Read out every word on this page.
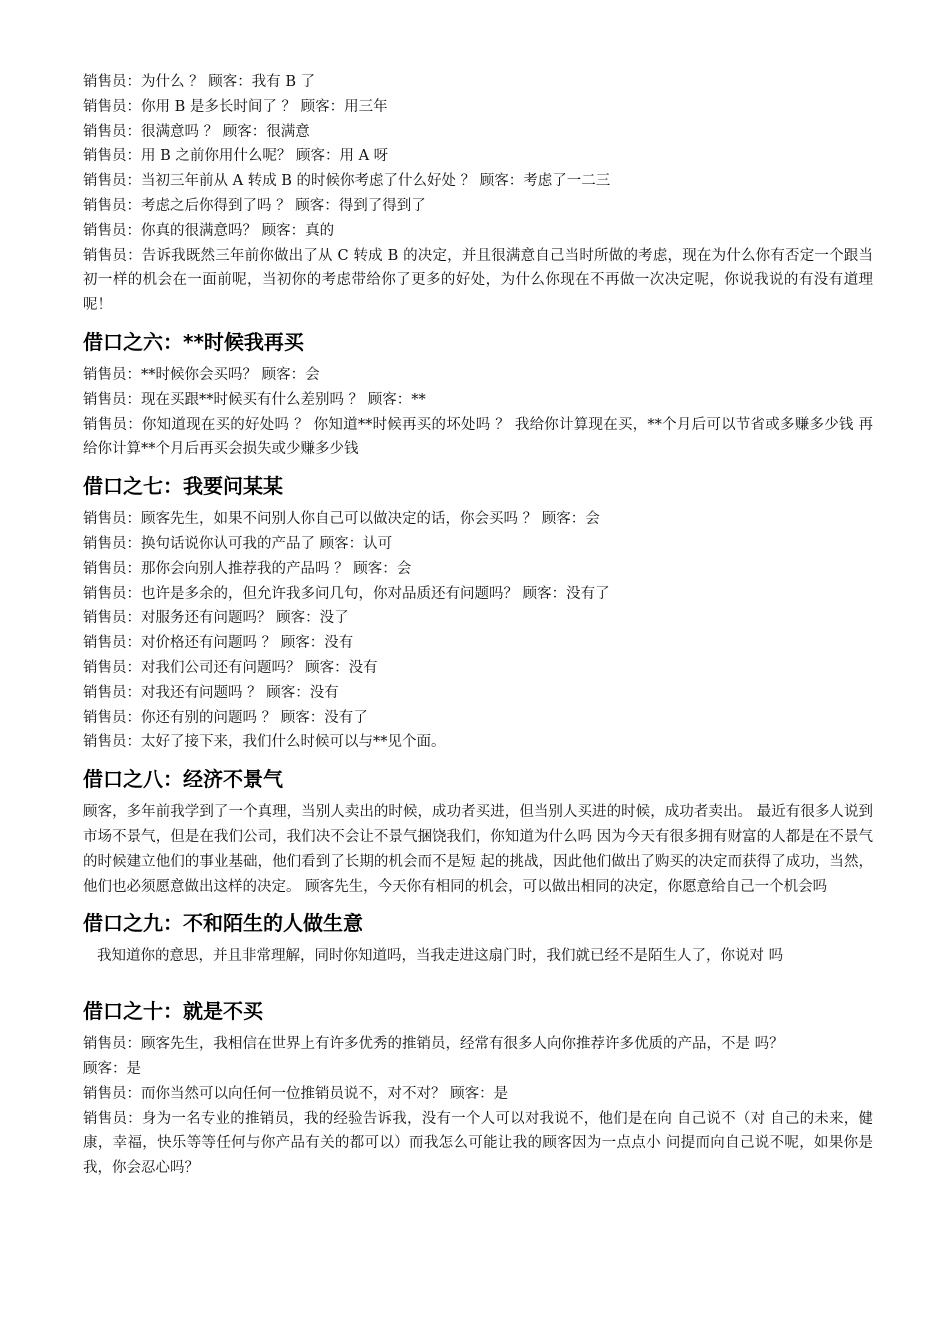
销售员：为什么 ？ 顾客：我有 B 了
销售员：你用 B 是多长时间了 ？ 顾客：用三年
销售员：很满意吗 ？ 顾客：很满意
销售员：用 B 之前你用什么呢？ 顾客：用 A 呀
销售员：当初三年前从 A 转成 B 的时候你考虑了什么好处 ？ 顾客：考虑了一二三
销售员：考虑之后你得到了吗 ？ 顾客：得到了得到了
销售员：你真的很满意吗？ 顾客：真的
销售员：告诉我既然三年前你做出了从 C 转成 B 的决定，并且很满意自己当时所做的考虑，现在为什么你有否定一个跟当初一样的机会在一面前呢，当初你的考虑带给你了更多的好处，为什么你现在不再做一次决定呢，你说我说的有没有道理呢！
借口之六：**时候我再买
销售员：**时候你会买吗？ 顾客：会
销售员：现在买跟**时候买有什么差别吗 ？ 顾客：**
销售员：你知道现在买的好处吗 ？ 你知道**时候再买的坏处吗 ？ 我给你计算现在买，**个月后可以节省或多赚多少钱 再给你计算**个月后再买会损失或少赚多少钱
借口之七：我要问某某
销售员：顾客先生，如果不问别人你自己可以做决定的话，你会买吗 ？ 顾客：会
销售员：换句话说你认可我的产品了 顾客：认可
销售员：那你会向别人推荐我的产品吗 ？ 顾客：会
销售员：也许是多余的，但允许我多问几句，你对品质还有问题吗？ 顾客：没有了
销售员：对服务还有问题吗？ 顾客：没了
销售员：对价格还有问题吗 ？ 顾客：没有
销售员：对我们公司还有问题吗？ 顾客：没有
销售员：对我还有问题吗 ？ 顾客：没有
销售员：你还有别的问题吗 ？ 顾客：没有了
销售员：太好了接下来，我们什么时候可以与**见个面。
借口之八：经济不景气
顾客，多年前我学到了一个真理，当别人卖出的时候，成功者买进，但当别人买进的时候，成功者卖出。 最近有很多人说到市场不景气，但是在我们公司，我们决不会让不景气捆饶我们，你知道为什么吗 因为今天有很多拥有财富的人都是在不景气的时候建立他们的事业基础，他们看到了长期的机会而不是短 起的挑战，因此他们做出了购买的决定而获得了成功，当然，他们也必须愿意做出这样的决定。 顾客先生，今天你有相同的机会，可以做出相同的决定，你愿意给自己一个机会吗
借口之九：不和陌生的人做生意
我知道你的意思，并且非常理解，同时你知道吗，当我走进这扇门时，我们就已经不是陌生人了，你说对 吗
借口之十：就是不买
销售员：顾客先生，我相信在世界上有许多优秀的推销员，经常有很多人向你推荐许多优质的产品，不是 吗？
顾客：是
销售员：而你当然可以向任何一位推销员说不，对不对？ 顾客：是
销售员：身为一名专业的推销员，我的经验告诉我，没有一个人可以对我说不，他们是在向 自己说不（对 自己的未来，健康，幸福，快乐等等任何与你产品有关的都可以）而我怎么可能让我的顾客因为一点点小 问提而向自己说不呢，如果你是我，你会忍心吗？
